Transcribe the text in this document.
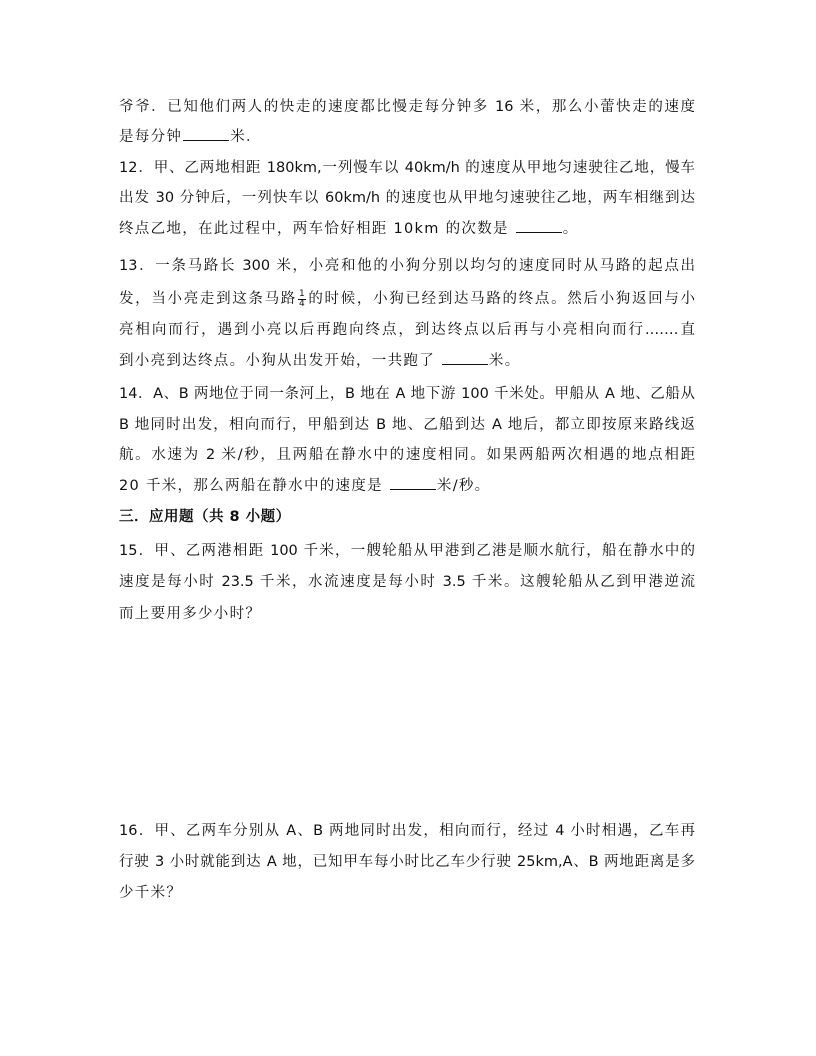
爷爷．已知他们两人的快走的速度都比慢走每分钟多 16 米，那么小蕾快走的速度
是每分钟	米．
12．甲、乙两地相距 180km,一列慢车以 40km/h 的速度从甲地匀速驶往乙地，慢车
出发 30 分钟后，一列快车以 60km/h 的速度也从甲地匀速驶往乙地，两车相继到达
终点乙地，在此过程中，两车恰好相距 10km 的次数是	。
13．一条马路长 300 米，小亮和他的小狗分别以均匀的速度同时从马路的起点出
发，当小亮走到这条马路 $\frac{1}{4}$ 的时候，小狗已经到达马路的终点。然后小狗返回与小
亮相向而行，遇到小亮以后再跑向终点，到达终点以后再与小亮相向而行.……直
到小亮到达终点。小狗从出发开始，一共跑了	米。
14．A、B 两地位于同一条河上，B 地在 A 地下游 100 千米处。甲船从 A 地、乙船从
B 地同时出发，相向而行，甲船到达 B 地、乙船到达 A 地后，都立即按原来路线返
航。水速为 2 米/秒，且两船在静水中的速度相同。如果两船两次相遇的地点相距
20 千米，那么两船在静水中的速度是	米/秒。
三．应用题（共 8 小题）
15．甲、乙两港相距 100 千米，一艘轮船从甲港到乙港是顺水航行，船在静水中的
速度是每小时 23.5 千米，水流速度是每小时 3.5 千米。这艘轮船从乙到甲港逆流
而上要用多少小时？
16．甲、乙两车分别从 A、B 两地同时出发，相向而行，经过 4 小时相遇，乙车再
行驶 3 小时就能到达 A 地，已知甲车每小时比乙车少行驶 25km,A、B 两地距离是多
少千米？
